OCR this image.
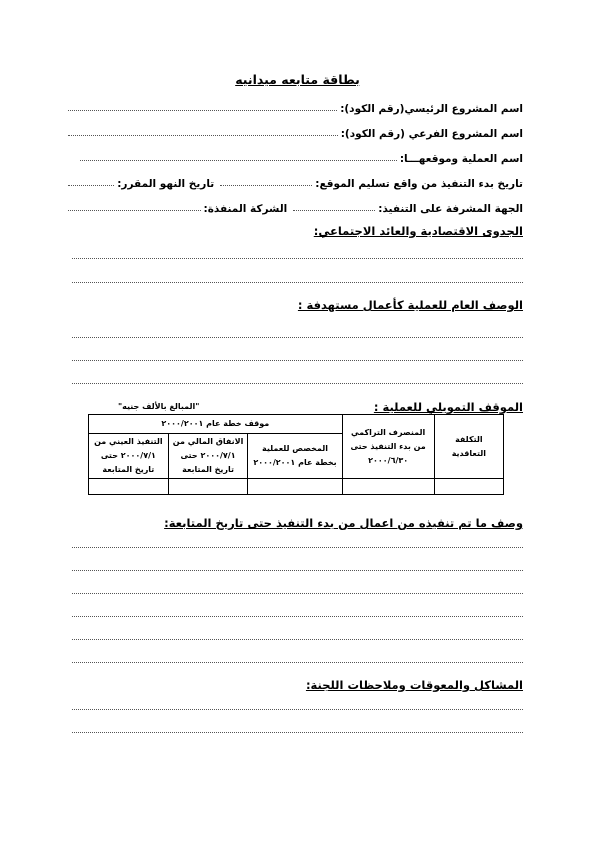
بطاقة متابعه ميدانيه
اسم المشروع الرئيسي(رقم الكود):
اسم المشروع الفرعي (رقم الكود):
اسم العملية وموقعهـــا:
تاريخ بدء التنفيذ من واقع تسليم الموقع:
تاريخ النهو المقرر:
الجهة المشرفة على التنفيذ:
الشركة المنفذة:
الجدوى الاقتصادية والعائد الاجتماعي:
الوصف العام للعملية كأعمال مستهدفة :
الموقف التمويلي للعملية :
"المبالغ بالألف جنيه"
التكلفة التعاقدية	المنصرف التراكمي من بدء التنفيذ حتى ٢٠٠٠/٦/٣٠	موقف خطة عام ٢٠٠٠/٢٠٠١		
		المخصص للعملية بخطة عام ٢٠٠٠/٢٠٠١	الانفاق المالي من ٢٠٠٠/٧/١ حتى تاريخ المتابعة	التنفيذ العيني من ٢٠٠٠/٧/١ حتى تاريخ المتابعة

وصف ما تم تنفيذه من اعمال من بدء التنفيذ حتى تاريخ المتابعة:
المشاكل والمعوقات وملاحظات اللجنة:
